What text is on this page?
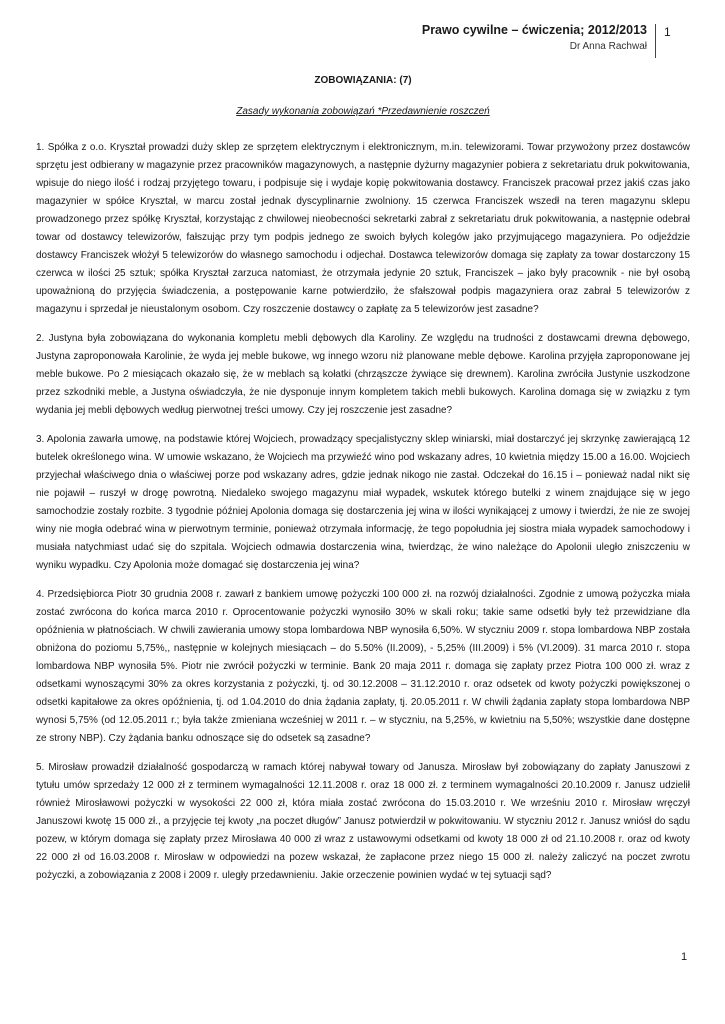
Prawo cywilne – ćwiczenia; 2012/2013
Dr Anna Rachwał
1

ZOBOWIĄZANIA: (7)

Zasady wykonania zobowiązań *Przedawnienie roszczeń

1. Spółka z o.o. Kryształ prowadzi duży sklep ze sprzętem elektrycznym i elektronicznym, m.in. telewizorami. Towar przywożony przez dostawców sprzętu jest odbierany w magazynie przez pracowników magazynowych, a następnie dyżurny magazynier pobiera z sekretariatu druk pokwitowania, wpisuje do niego ilość i rodzaj przyjętego towaru, i podpisuje się i wydaje kopię pokwitowania dostawcy. Franciszek pracował przez jakiś czas jako magazynier w spółce Kryształ, w marcu został jednak dyscyplinarnie zwolniony. 15 czerwca Franciszek wszedł na teren magazynu sklepu prowadzonego przez spółkę Kryształ, korzystając z chwilowej nieobecności sekretarki zabrał z sekretariatu druk pokwitowania, a następnie odebrał towar od dostawcy telewizorów, fałszując przy tym podpis jednego ze swoich byłych kolegów jako przyjmującego magazyniera. Po odjeździe dostawcy Franciszek włożył 5 telewizorów do własnego samochodu i odjechał. Dostawca telewizorów domaga się zapłaty za towar dostarczony 15 czerwca w ilości 25 sztuk; spółka Kryształ zarzuca natomiast, że otrzymała jedynie 20 sztuk, Franciszek – jako były pracownik - nie był osobą upoważnioną do przyjęcia świadczenia, a postępowanie karne potwierdziło, że sfałszował podpis magazyniera oraz zabrał 5 telewizorów z magazynu i sprzedał je nieustalonym osobom. Czy roszczenie dostawcy o zapłatę za 5 telewizorów jest zasadne?

2. Justyna była zobowiązana do wykonania kompletu mebli dębowych dla Karoliny. Ze względu na trudności z dostawcami drewna dębowego, Justyna zaproponowała Karolinie, że wyda jej meble bukowe, wg innego wzoru niż planowane meble dębowe. Karolina przyjęła zaproponowane jej meble bukowe. Po 2 miesiącach okazało się, że w meblach są kołatki (chrząszcze żywiące się drewnem). Karolina zwróciła Justynie uszkodzone przez szkodniki meble, a Justyna oświadczyła, że nie dysponuje innym kompletem takich mebli bukowych. Karolina domaga się w związku z tym wydania jej mebli dębowych według pierwotnej treści umowy. Czy jej roszczenie jest zasadne?

3. Apolonia zawarła umowę, na podstawie której Wojciech, prowadzący specjalistyczny sklep winiarski, miał dostarczyć jej skrzynkę zawierającą 12 butelek określonego wina. W umowie wskazano, że Wojciech ma przywieźć wino pod wskazany adres, 10 kwietnia między 15.00 a 16.00. Wojciech przyjechał właściwego dnia o właściwej porze pod wskazany adres, gdzie jednak nikogo nie zastał. Odczekał do 16.15 i – ponieważ nadal nikt się nie pojawił – ruszył w drogę powrotną. Niedaleko swojego magazynu miał wypadek, wskutek którego butelki z winem znajdujące się w jego samochodzie zostały rozbite. 3 tygodnie później Apolonia domaga się dostarczenia jej wina w ilości wynikającej z umowy i twierdzi, że nie ze swojej winy nie mogła odebrać wina w pierwotnym terminie, ponieważ otrzymała informację, że tego popołudnia jej siostra miała wypadek samochodowy i musiała natychmiast udać się do szpitala. Wojciech odmawia dostarczenia wina, twierdząc, że wino należące do Apolonii uległo zniszczeniu w wyniku wypadku. Czy Apolonia może domagać się dostarczenia jej wina?

4. Przedsiębiorca Piotr 30 grudnia 2008 r. zawarł z bankiem umowę pożyczki 100 000 zł. na rozwój działalności. Zgodnie z umową pożyczka miała zostać zwrócona do końca marca 2010 r. Oprocentowanie pożyczki wynosiło 30% w skali roku; takie same odsetki były też przewidziane dla opóźnienia w płatnościach. W chwili zawierania umowy stopa lombardowa NBP wynosiła 6,50%. W styczniu 2009 r. stopa lombardowa NBP została obniżona do poziomu 5,75%,, następnie w kolejnych miesiącach – do 5.50% (II.2009), - 5,25% (III.2009) i 5% (VI.2009). 31 marca 2010 r. stopa lombardowa NBP wynosiła 5%. Piotr nie zwrócił pożyczki w terminie. Bank 20 maja 2011 r. domaga się zapłaty przez Piotra 100 000 zł. wraz z odsetkami wynoszącymi 30% za okres korzystania z pożyczki, tj. od 30.12.2008 – 31.12.2010 r. oraz odsetek od kwoty pożyczki powiększonej o odsetki kapitałowe za okres opóźnienia, tj. od 1.04.2010 do dnia żądania zapłaty, tj. 20.05.2011 r. W chwili żądania zapłaty stopa lombardowa NBP wynosi 5,75% (od 12.05.2011 r.; była także zmieniana wcześniej w 2011 r. – w styczniu, na 5,25%, w kwietniu na 5,50%; wszystkie dane dostępne ze strony NBP). Czy żądania banku odnoszące się do odsetek są zasadne?

5. Mirosław prowadził działalność gospodarczą w ramach której nabywał towary od Janusza. Mirosław był zobowiązany do zapłaty Januszowi z tytułu umów sprzedaży 12 000 zł z terminem wymagalności 12.11.2008 r. oraz 18 000 zł. z terminem wymagalności 20.10.2009 r. Janusz udzielił również Mirosławowi pożyczki w wysokości 22 000 zł, która miała zostać zwrócona do 15.03.2010 r. We wrześniu 2010 r. Mirosław wręczył Januszowi kwotę 15 000 zł., a przyjęcie tej kwoty „na poczet długów” Janusz potwierdził w pokwitowaniu. W styczniu 2012 r. Janusz wniósł do sądu pozew, w którym domaga się zapłaty przez Mirosława 40 000 zł wraz z ustawowymi odsetkami od kwoty 18 000 zł od 21.10.2008 r. oraz od kwoty 22 000 zł od 16.03.2008 r. Mirosław w odpowiedzi na pozew wskazał, że zapłacone przez niego 15 000 zł. należy zaliczyć na poczet zwrotu pożyczki, a zobowiązania z 2008 i 2009 r. uległy przedawnieniu. Jakie orzeczenie powinien wydać w tej sytuacji sąd?

1
